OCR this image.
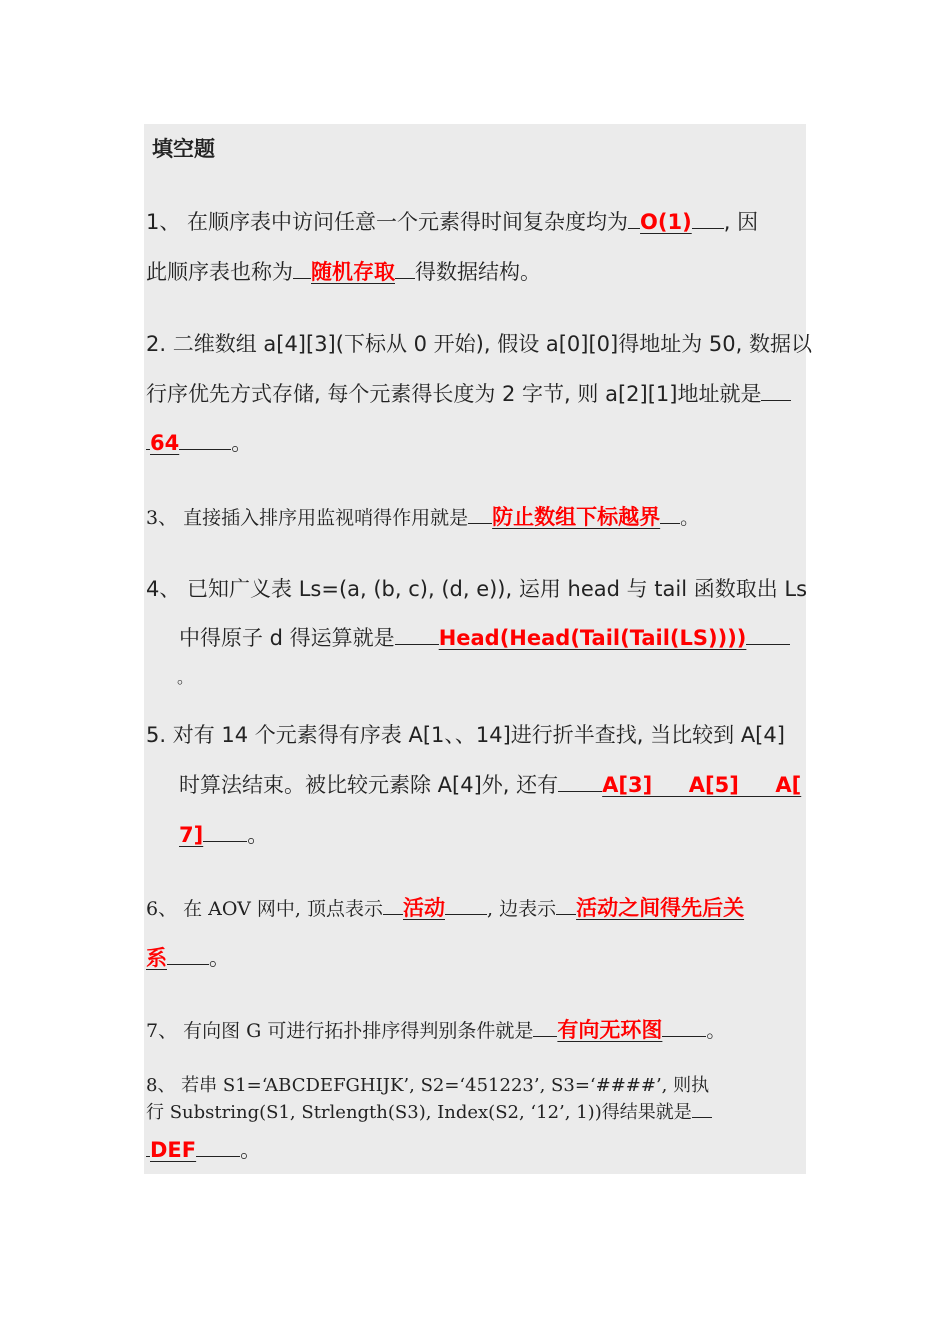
填空题
1、 在顺序表中访问任意一个元素得时间复杂度均为 O(1) , 因
此顺序表也称为 随机存取 得数据结构。
2. 二维数组 a[4][3](下标从 0 开始), 假设 a[0][0]得地址为 50, 数据以
行序优先方式存储, 每个元素得长度为 2 字节, 则 a[2][1]地址就是
64 。
3、 直接插入排序用监视哨得作用就是 防止数组下标越界 。
4、 已知广义表 Ls=(a, (b, c), (d, e)), 运用 head 与 tail 函数取出 Ls
中得原子 d 得运算就是 Head(Head(Tail(Tail(LS))))
。
5. 对有 14 个元素得有序表 A[1、、14]进行折半查找, 当比较到 A[4]
时算法结束。被比较元素除 A[4]外, 还有 A[3]     A[5]     A[
7] 。
6、 在 AOV 网中, 顶点表示 活动 , 边表示 活动之间得先后关
系 。
7、 有向图 G 可进行拓扑排序得判别条件就是 有向无环图 。
8、 若串 S1=‘ABCDEFGHIJK’, S2=‘451223’, S3=‘####’, 则执
行 Substring(S1, Strlength(S3), Index(S2, ‘12’, 1))得结果就是
DEF 。
